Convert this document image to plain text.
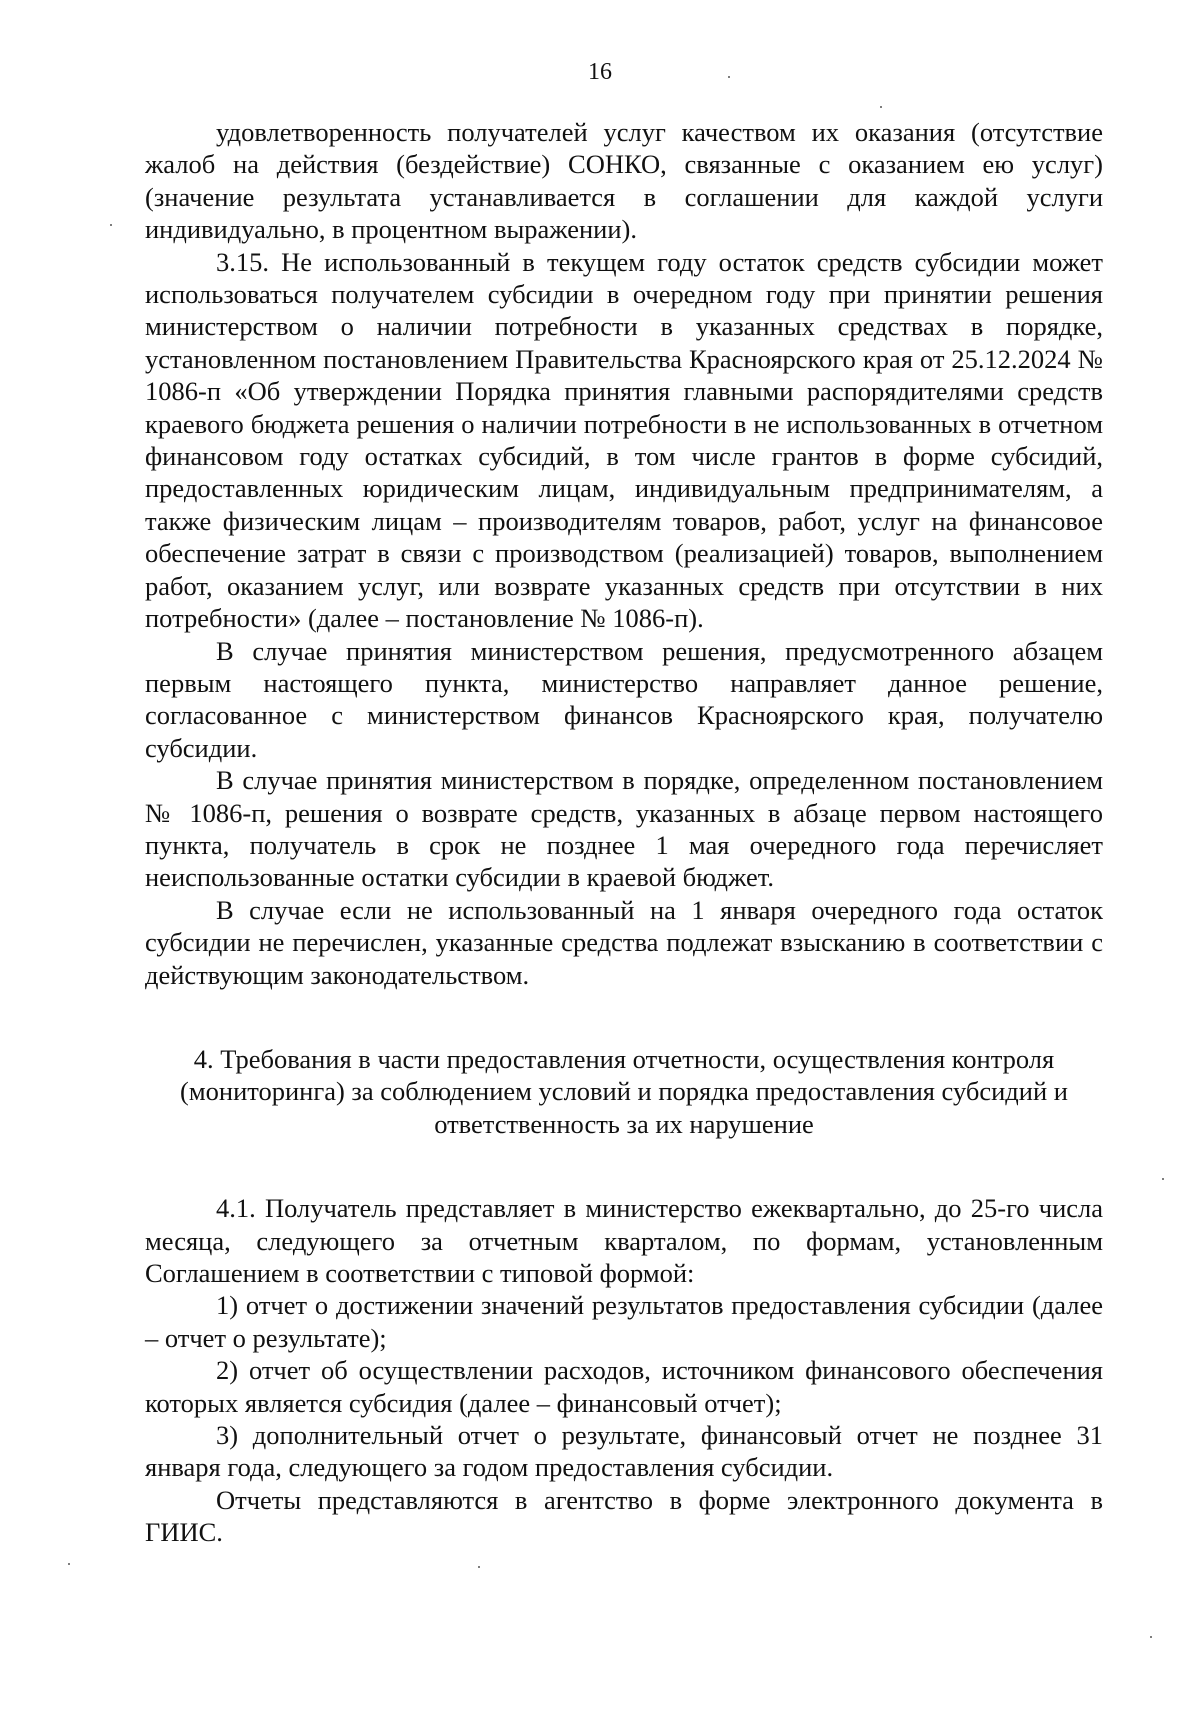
16

удовлетворенность получателей услуг качеством их оказания (отсутствие жалоб на действия (бездействие) СОНКО, связанные с оказанием ею услуг) (значение результата устанавливается в соглашении для каждой услуги индивидуально, в процентном выражении).

3.15. Не использованный в текущем году остаток средств субсидии может использоваться получателем субсидии в очередном году при принятии решения министерством о наличии потребности в указанных средствах в порядке, установленном постановлением Правительства Красноярского края от 25.12.2024 № 1086-п «Об утверждении Порядка принятия главными распорядителями средств краевого бюджета решения о наличии потребности в не использованных в отчетном финансовом году остатках субсидий, в том числе грантов в форме субсидий, предоставленных юридическим лицам, индивидуальным предпринимателям, а также физическим лицам – производителям товаров, работ, услуг на финансовое обеспечение затрат в связи с производством (реализацией) товаров, выполнением работ, оказанием услуг, или возврате указанных средств при отсутствии в них потребности» (далее – постановление № 1086-п).

В случае принятия министерством решения, предусмотренного абзацем первым настоящего пункта, министерство направляет данное решение, согласованное с министерством финансов Красноярского края, получателю субсидии.

В случае принятия министерством в порядке, определенном постановлением № 1086-п, решения о возврате средств, указанных в абзаце первом настоящего пункта, получатель в срок не позднее 1 мая очередного года перечисляет неиспользованные остатки субсидии в краевой бюджет.

В случае если не использованный на 1 января очередного года остаток субсидии не перечислен, указанные средства подлежат взысканию в соответствии с действующим законодательством.

4. Требования в части предоставления отчетности, осуществления контроля
(мониторинга) за соблюдением условий и порядка предоставления субсидий и
ответственность за их нарушение

4.1. Получатель представляет в министерство ежеквартально, до 25-го числа месяца, следующего за отчетным кварталом, по формам, установленным Соглашением в соответствии с типовой формой:

1) отчет о достижении значений результатов предоставления субсидии (далее – отчет о результате);

2) отчет об осуществлении расходов, источником финансового обеспечения которых является субсидия (далее – финансовый отчет);

3) дополнительный отчет о результате, финансовый отчет не позднее 31 января года, следующего за годом предоставления субсидии.

Отчеты представляются в агентство в форме электронного документа в ГИИС.
